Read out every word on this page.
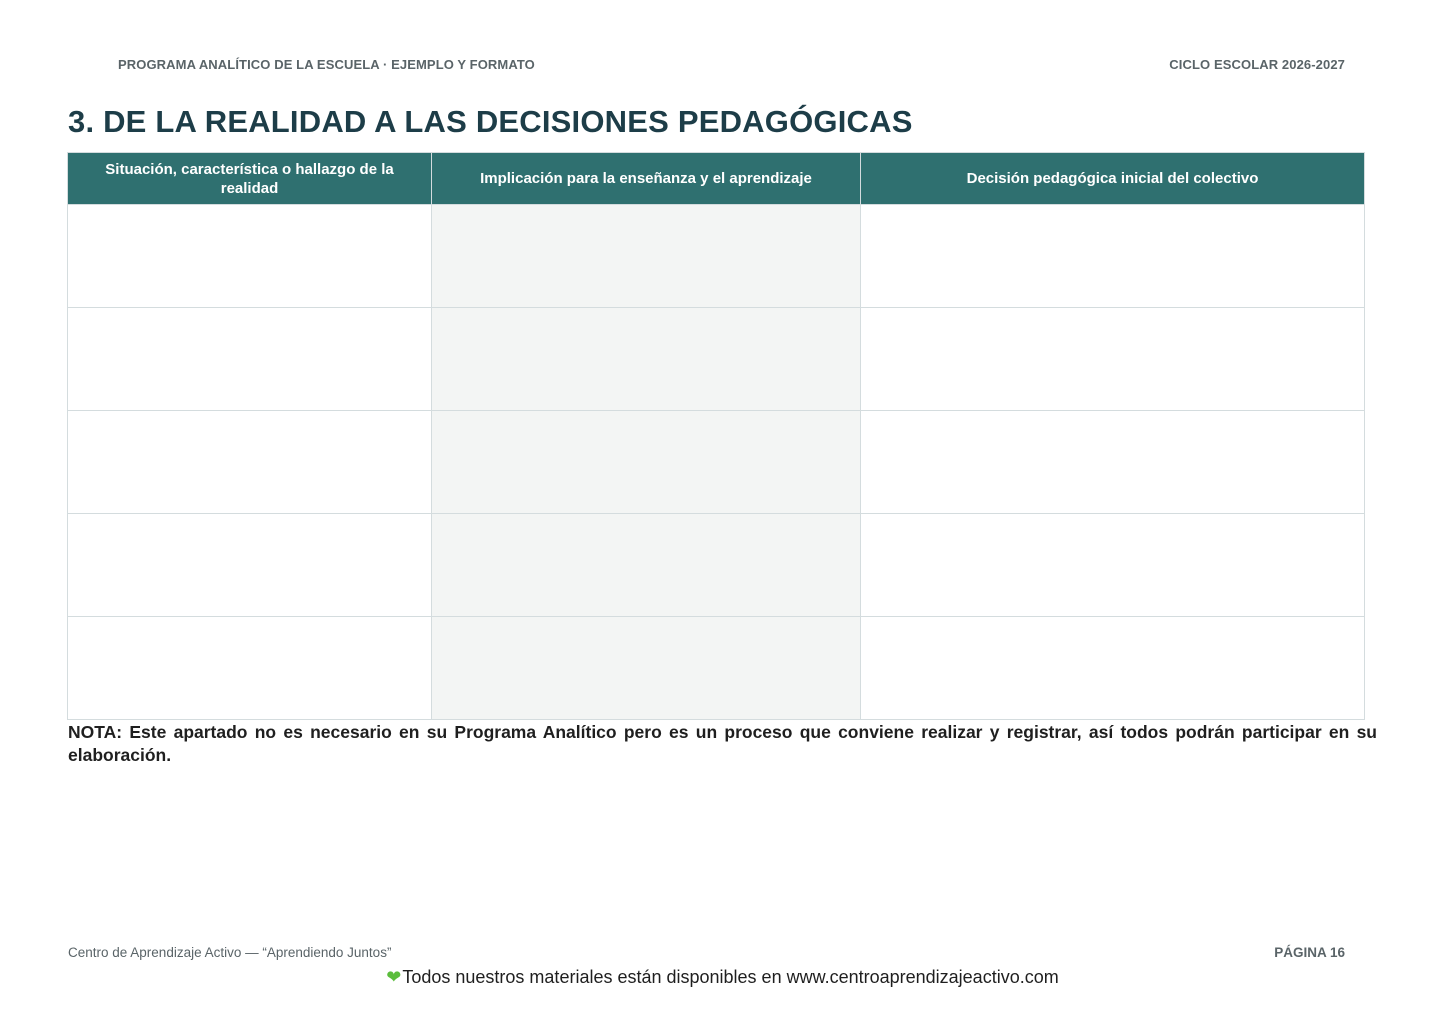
PROGRAMA ANALÍTICO DE LA ESCUELA · EJEMPLO Y FORMATO	CICLO ESCOLAR 2026-2027
3. DE LA REALIDAD A LAS DECISIONES PEDAGÓGICAS
Situación, característica o hallazgo de la realidad	Implicación para la enseñanza y el aprendizaje	Decisión pedagógica inicial del colectivo

NOTA: Este apartado no es necesario en su Programa Analítico pero es un proceso que conviene realizar y registrar, así todos podrán participar en su elaboración.

Centro de Aprendizaje Activo — “Aprendiendo Juntos”	PÁGINA 16
❤Todos nuestros materiales están disponibles en www.centroaprendizajeactivo.com
